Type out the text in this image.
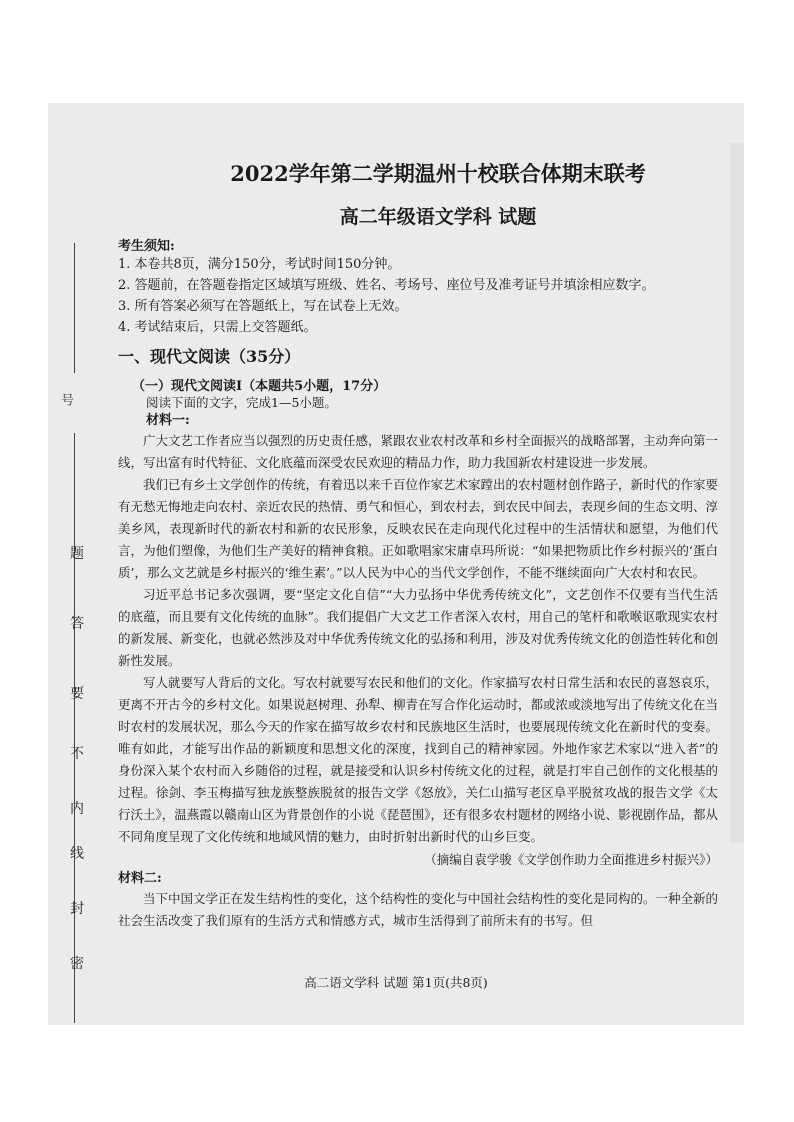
号
题
答
要
不
内
线
封
密
2022学年第二学期温州十校联合体期末联考
高二年级语文学科 试题
考生须知:
1. 本卷共8页，满分150分，考试时间150分钟。
2. 答题前，在答题卷指定区域填写班级、姓名、考场号、座位号及准考证号并填涂相应数字。
3. 所有答案必须写在答题纸上，写在试卷上无效。
4. 考试结束后，只需上交答题纸。
一、现代文阅读（35分）
（一）现代文阅读Ⅰ（本题共5小题，17分）
阅读下面的文字，完成1—5小题。
材料一:

广大文艺工作者应当以强烈的历史责任感，紧跟农业农村改革和乡村全面振兴的战略部署，主动奔向第一线，写出富有时代特征、文化底蕴而深受农民欢迎的精品力作，助力我国新农村建设进一步发展。

我们已有乡土文学创作的传统，有着迅以来千百位作家艺术家蹚出的农村题材创作路子，新时代的作家要有无愁无悔地走向农村、亲近农民的热情、勇气和恒心，到农村去，到农民中间去，表现乡间的生态文明、淳美乡风，表现新时代的新农村和新的农民形象，反映农民在走向现代化过程中的生活情状和愿望，为他们代言，为他们塑像，为他们生产美好的精神食粮。正如歌唱家宋庸卓玛所说：“如果把物质比作乡村振兴的‘蛋白质’，那么文艺就是乡村振兴的‘维生素’。”以人民为中心的当代文学创作，不能不继续面向广大农村和农民。

习近平总书记多次强调，要“坚定文化自信”“大力弘扬中华优秀传统文化”，文艺创作不仅要有当代生活的底蕴，而且要有文化传统的血脉”。我们提倡广大文艺工作者深入农村，用自己的笔杆和歌喉讴歌现实农村的新发展、新变化，也就必然涉及对中华优秀传统文化的弘扬和利用，涉及对优秀传统文化的创造性转化和创新性发展。

写人就要写人背后的文化。写农村就要写农民和他们的文化。作家描写农村日常生活和农民的喜怒哀乐，更离不开古今的乡村文化。如果说赵树理、孙犁、柳青在写合作化运动时，都或浓或淡地写出了传统文化在当时农村的发展状况，那么今天的作家在描写故乡农村和民族地区生活时，也要展现传统文化在新时代的变奏。唯有如此，才能写出作品的新颖度和思想文化的深度，找到自己的精神家园。外地作家艺术家以“进入者”的身份深入某个农村而入乡随俗的过程，就是接受和认识乡村传统文化的过程，就是打牢自己创作的文化根基的过程。徐剑、李玉梅描写独龙族整族脱贫的报告文学《怒放》，关仁山描写老区阜平脱贫攻战的报告文学《太行沃土》，温燕霞以赣南山区为背景创作的小说《琵琶围》，还有很多农村题材的网络小说、影视剧作品，都从不同角度呈现了文化传统和地域风情的魅力，由时折射出新时代的山乡巨变。

（摘编自袁学骏《文学创作助力全面推进乡村振兴》）
材料二:

当下中国文学正在发生结构性的变化，这个结构性的变化与中国社会结构性的变化是同构的。一种全新的社会生活改变了我们原有的生活方式和情感方式，城市生活得到了前所未有的书写。但

高二语文学科 试题 第1页(共8页)
